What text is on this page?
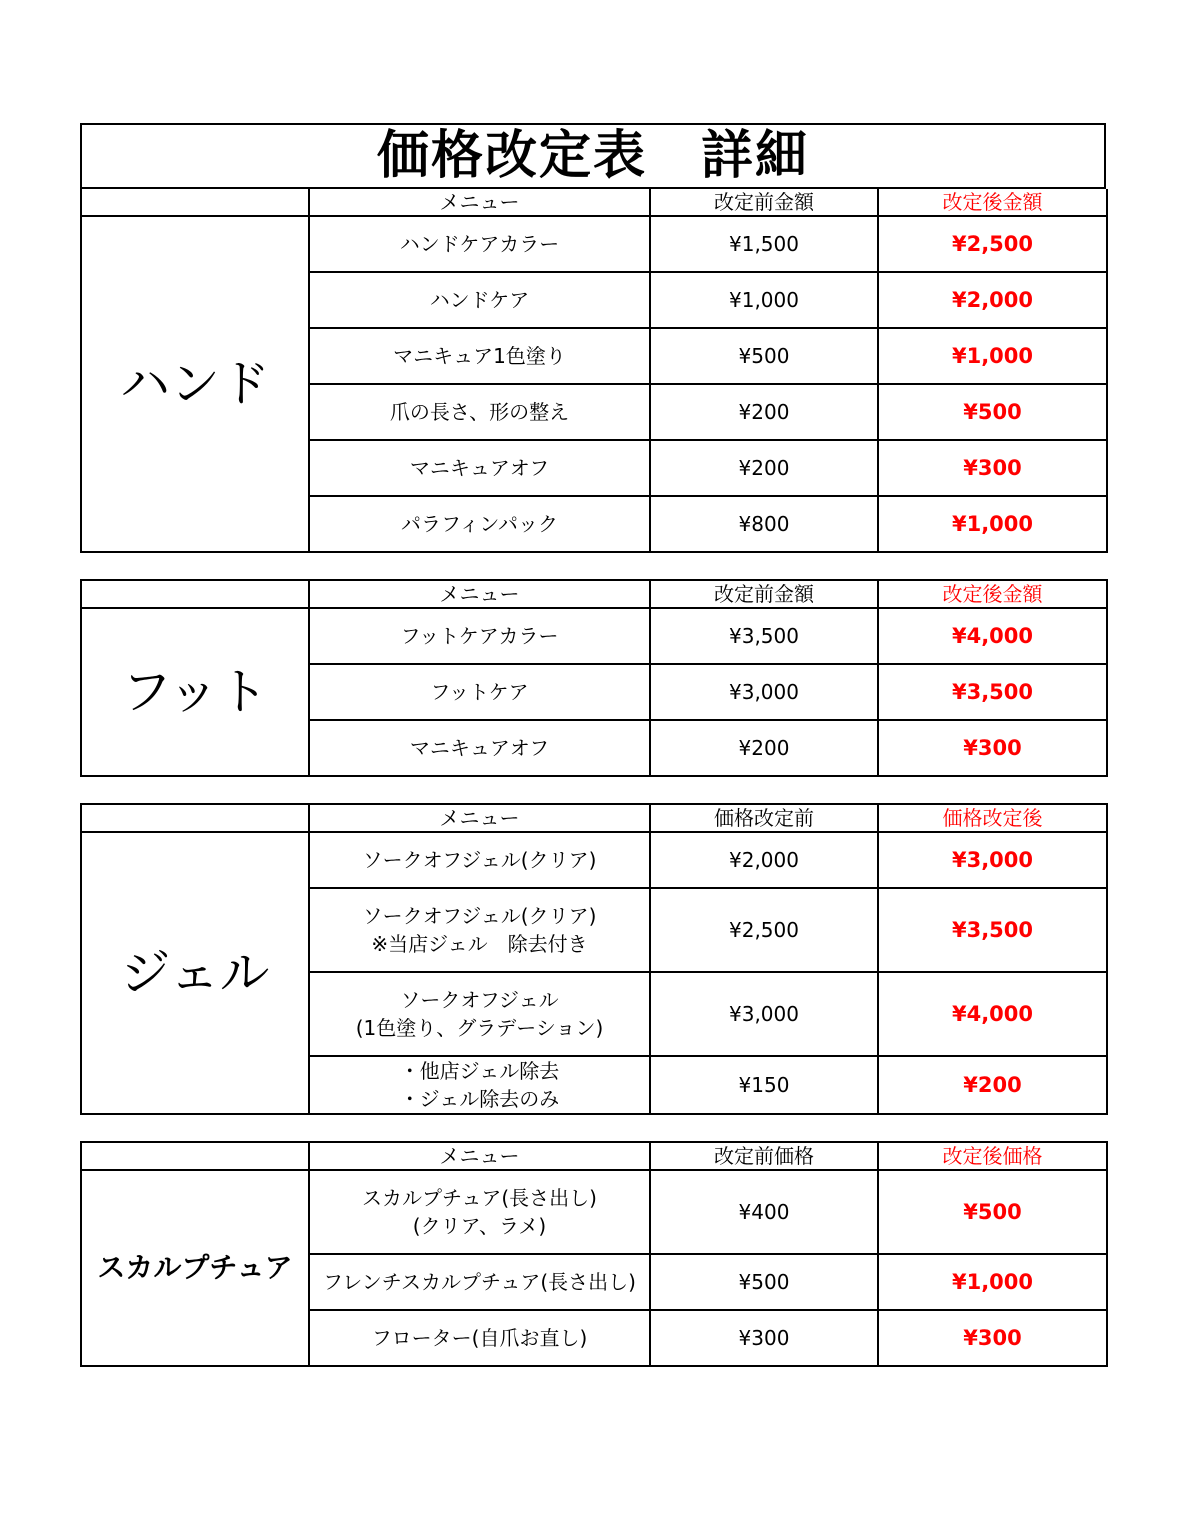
価格改定表　詳細
	メニュー	改定前金額	改定後金額
ハンド	ハンドケアカラー	¥1,500	¥2,500
	ハンドケア	¥1,000	¥2,000
	マニキュア1色塗り	¥500	¥1,000
	爪の長さ、形の整え	¥200	¥500
	マニキュアオフ	¥200	¥300
	パラフィンパック	¥800	¥1,000
	メニュー	改定前金額	改定後金額
フット	フットケアカラー	¥3,500	¥4,000
	フットケア	¥3,000	¥3,500
	マニキュアオフ	¥200	¥300
	メニュー	価格改定前	価格改定後
ジェル	ソークオフジェル(クリア)	¥2,000	¥3,000
	ソークオフジェル(クリア)
※当店ジェル　除去付き	¥2,500	¥3,500
	ソークオフジェル
(1色塗り、グラデーション)	¥3,000	¥4,000
	・他店ジェル除去
・ジェル除去のみ	¥150	¥200
	メニュー	改定前価格	改定後価格
スカルプチュア	スカルプチュア(長さ出し)
(クリア、ラメ)	¥400	¥500
	フレンチスカルプチュア(長さ出し)	¥500	¥1,000
	フローター(自爪お直し)	¥300	¥300
